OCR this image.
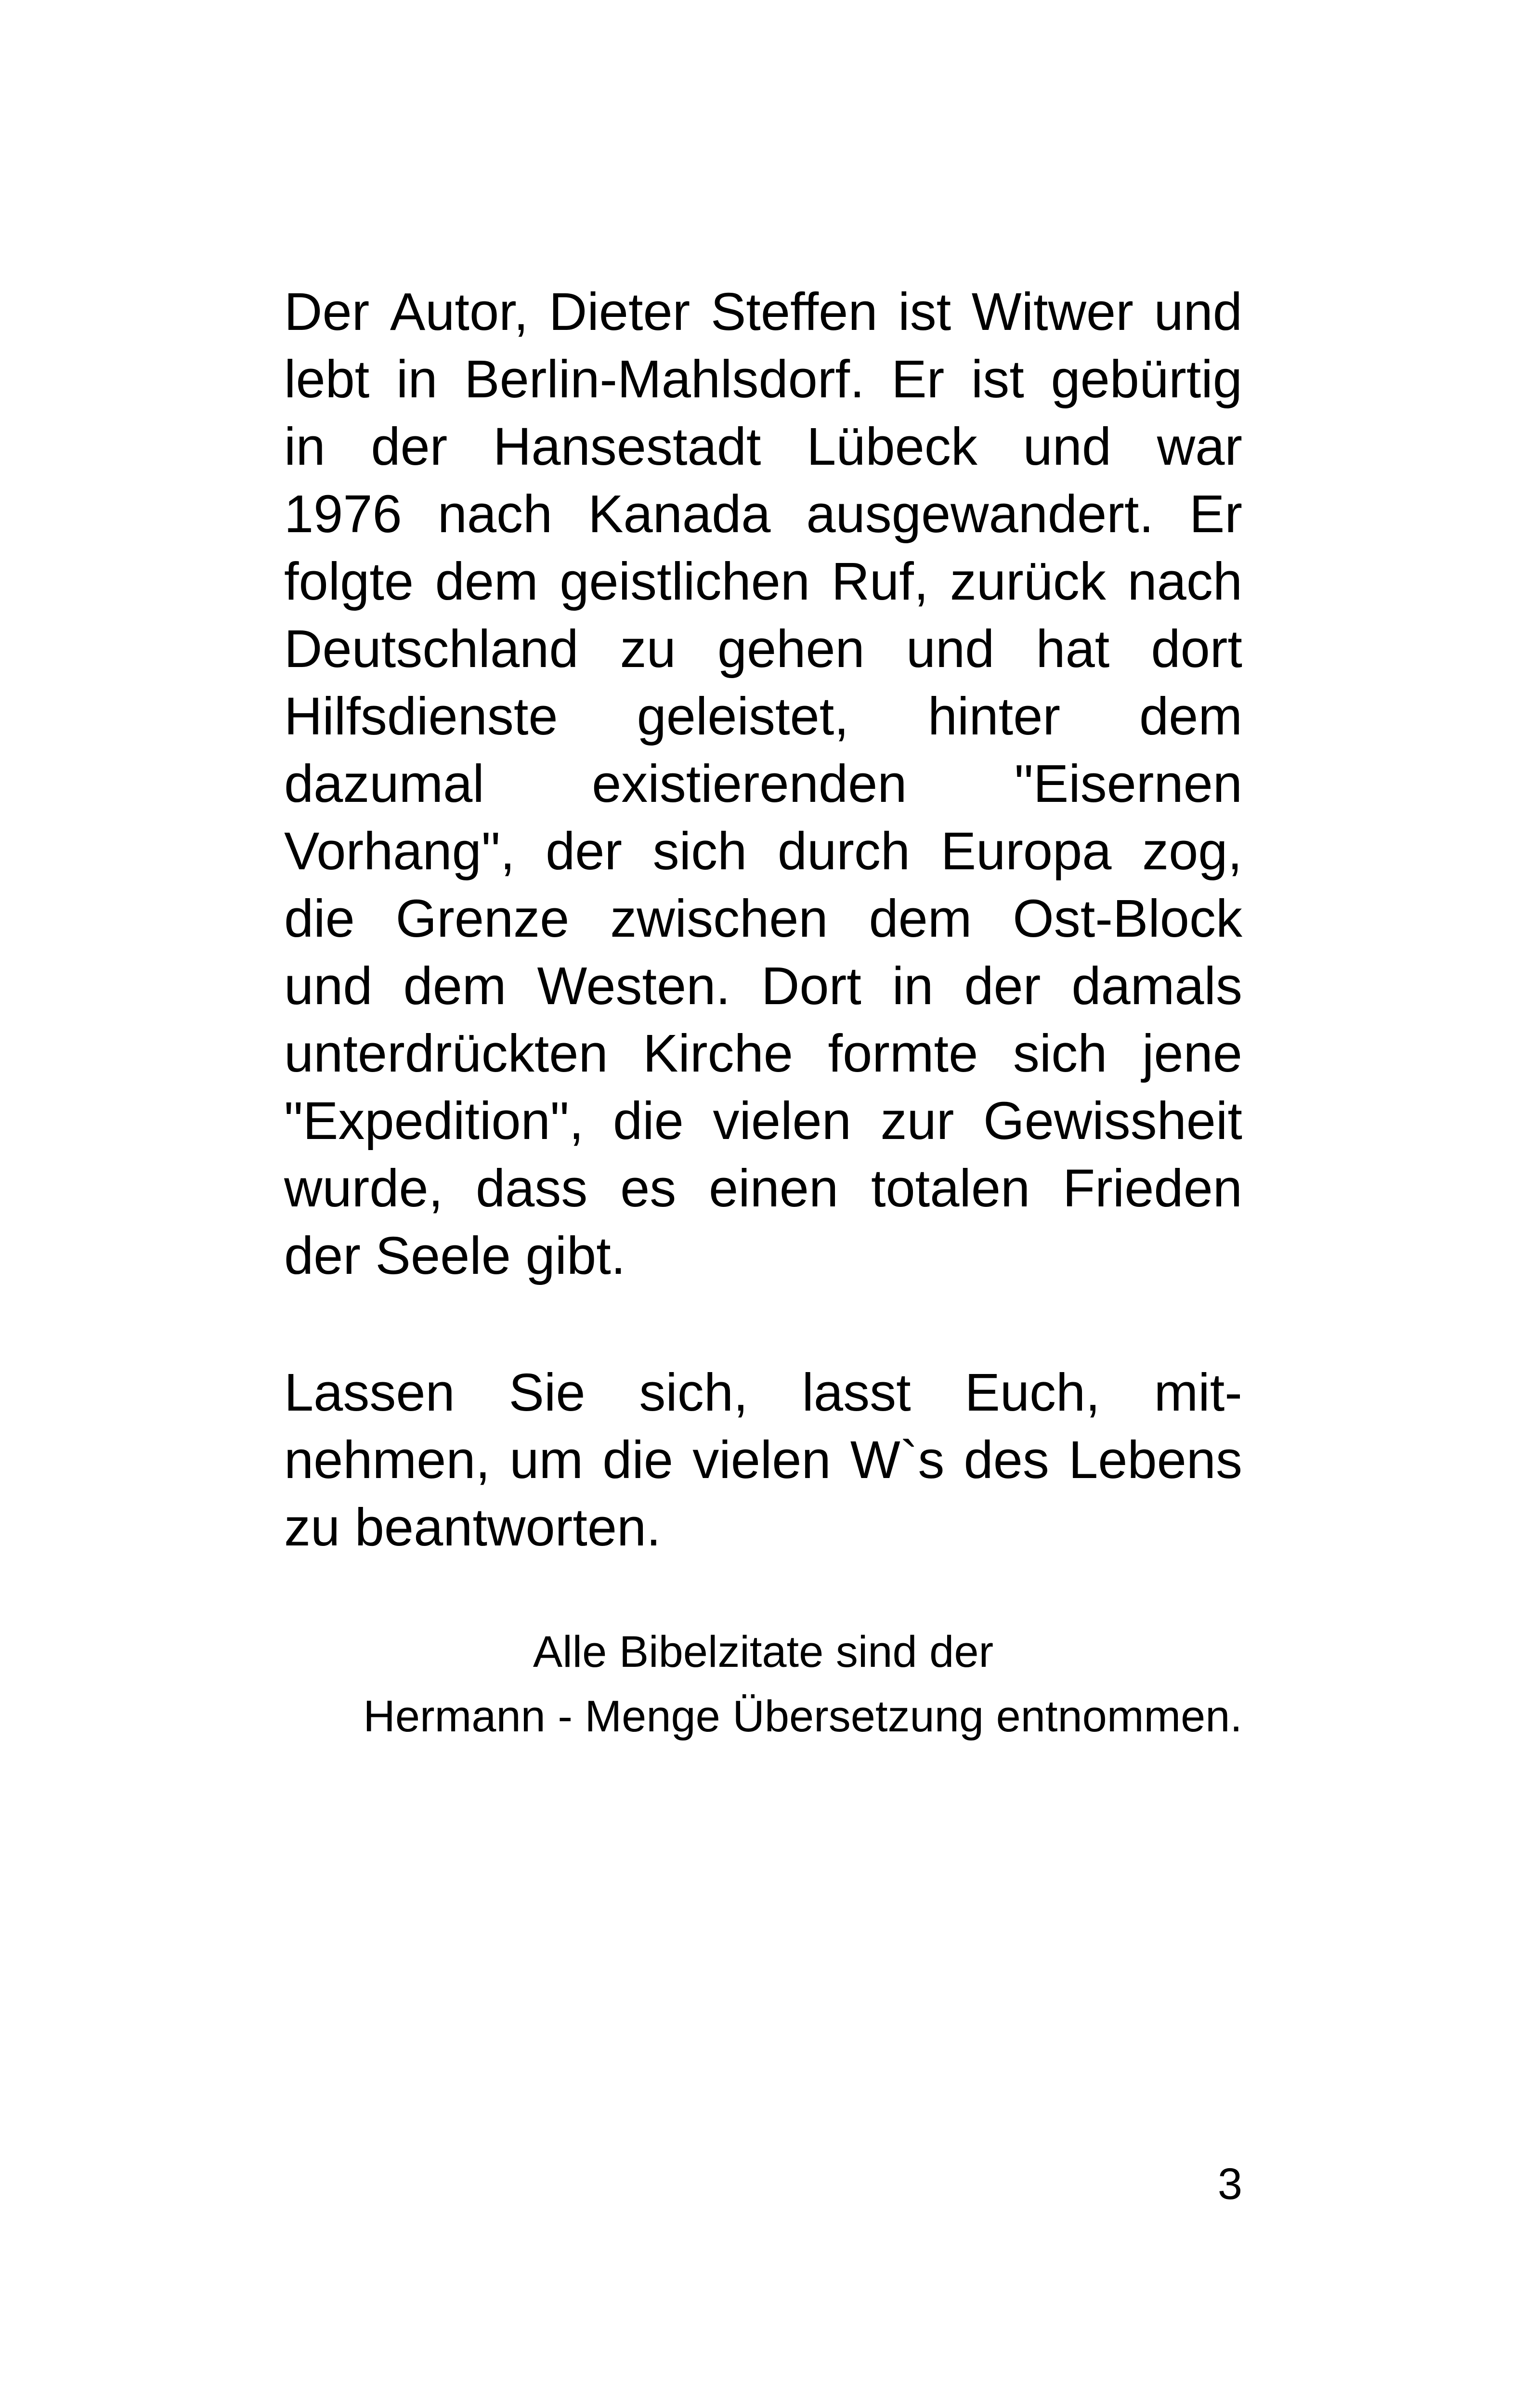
Der Autor, Dieter Steffen ist Witwer und
lebt in Berlin-Mahlsdorf. Er ist gebürtig
in der Hansestadt Lübeck und war
1976 nach Kanada ausgewandert. Er
folgte dem geistlichen Ruf, zurück nach
Deutschland zu gehen und hat dort
Hilfsdienste geleistet, hinter dem
dazumal existierenden "Eisernen
Vorhang", der sich durch Europa zog,
die Grenze zwischen dem Ost-Block
und dem Westen. Dort in der damals
unterdrückten Kirche formte sich jene
"Expedition", die vielen zur Gewissheit
wurde, dass es einen totalen Frieden
der Seele gibt.
Lassen Sie sich, lasst Euch, mit-
nehmen, um die vielen W`s des Lebens
zu beantworten.
Alle Bibelzitate sind der
Hermann - Menge Übersetzung entnommen.
3
